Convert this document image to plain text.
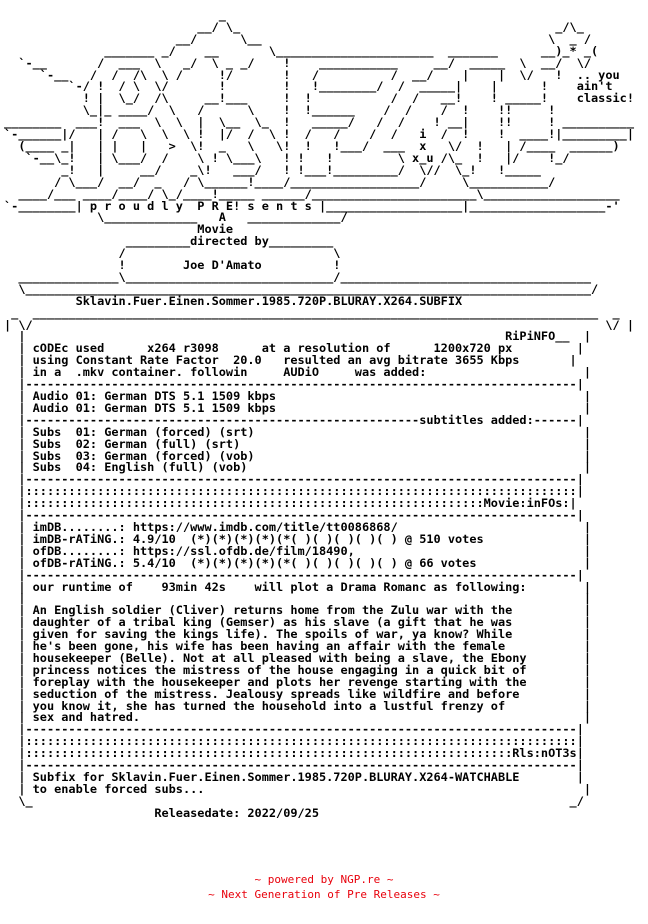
_
__/ \_                                            _/\_
__/      \__                                        \  _ /
_______ _/    __       \______________________  _______      __)_* _(
`-__       /  ___  \   _/  \ _ _/    !    ___________     __/  _____  \  __/  \/
`-__   /  /  /\  \ /     !/       !   /          /  __/    |    |  \/   !  .. you
`-/ !  / \  \/       !        !   !________/  /  _____|    |      !    ain't
! |  \_/  /\     __!___     !  !           /  /   __!    ! _____!    classic!
\_|_ ____/  \   /      \    !  !______    /  /    /  !    !!     !
________  ___!  ___  \  \  |  \__  \_  !   _____/   /  /    ! __|    !!     ! __________
`-______|/   | /   \  \  \ !  |/  /  \ !  /   /    /  /   i  /  !    !  ____!|_________|
(____ _|   | |   |   >  \!  _   \   \!  !   !___/  ___  x   \/  !   | /____  ______)
`-__\_!   | \___/  /    \ ! \___\   ! !   !         \ x_u /\_  !   |/    !_/
_!   |     __/    _\!   ___/   ! !___!_________/  \//  \_!   !_____
/ \___/  __/  _   / \______!____/__________________/     \___________/
____/___ ____/____/ \_/____!_____ ______/_______________________\___________________
`-________| p r o u d l y  P R E! s e n t s |___________________|___________________-'
\_____________   A   _____________/
Movie
_________directed by_________
/                             \
!        Joe D'Amato          !
______________\_____________________________/___________________________________
\_______________________________________________________________________________/
Sklavin.Fuer.Einen.Sommer.1985.720P.BLURAY.X264.SUBFIX
_  _______________________________________________________________________________  _
| \/                                                                                \/ |
|                                                                   RiPiNFO__  |
| cODEc used      x264 r3098      at a resolution of      1200x720 px         |
| using Constant Rate Factor  20.0   resulted an avg bitrate 3655 Kbps       |
| in a  .mkv container. followin     AUDiO     was added:                      |
|-----------------------------------------------------------------------------|
| Audio 01: German DTS 5.1 1509 kbps                                           |
| Audio 01: German DTS 5.1 1509 kbps                                           |
|-------------------------------------------------------subtitles added:------|
| Subs  01: German (forced) (srt)                                              |
| Subs  02: German (full) (srt)                                                |
| Subs  03: German (forced) (vob)                                              |
| Subs  04: English (full) (vob)                                               |
|-----------------------------------------------------------------------------|
|:::::::::::::::::::::::::::::::::::::::::::::::::::::::::::::::::::::::::::::|
|::::::::::::::::::::::::::::::::::::::::::::::::::::::::::::::::Movie:inFOs:|
|-----------------------------------------------------------------------------|
| imDB........: https://www.imdb.com/title/tt0086868/                          |
| imDB-rATiNG.: 4.9/10  (*)(*)(*)(*)(*( )( )( )( )( ) @ 510 votes              |
| ofDB........: https://ssl.ofdb.de/film/18490,                                |
| ofDB-rATiNG.: 5.4/10  (*)(*)(*)(*)(*( )( )( )( )( ) @ 66 votes               |
|-----------------------------------------------------------------------------|
| our runtime of    93min 42s    will plot a Drama Romanc as following:        |
|                                                                              |
| An English soldier (Cliver) returns home from the Zulu war with the          |
| daughter of a tribal king (Gemser) as his slave (a gift that he was          |
| given for saving the kings life). The spoils of war, ya know? While          |
| he's been gone, his wife has been having an affair with the female           |
| housekeeper (Belle). Not at all pleased with being a slave, the Ebony        |
| princess notices the mistress of the house engaging in a quick bit of        |
| foreplay with the housekeeper and plots her revenge starting with the        |
| seduction of the mistress. Jealousy spreads like wildfire and before         |
| you know it, she has turned the household into a lustful frenzy of           |
| sex and hatred.                                                              |
|-----------------------------------------------------------------------------|
|:::::::::::::::::::::::::::::::::::::::::::::::::::::::::::::::::::::::::::::|
|::::::::::::::::::::::::::::::::::::::::::::::::::::::::::::::::::::Rls:nOT3s|
|-----------------------------------------------------------------------------|
| Subfix for Sklavin.Fuer.Einen.Sommer.1985.720P.BLURAY.X264-WATCHABLE        |
| to enable forced subs...                                                     |
\_                                                                           _/
Releasedate: 2022/09/25
~ powered by NGP.re ~
~ Next Generation of Pre Releases ~
